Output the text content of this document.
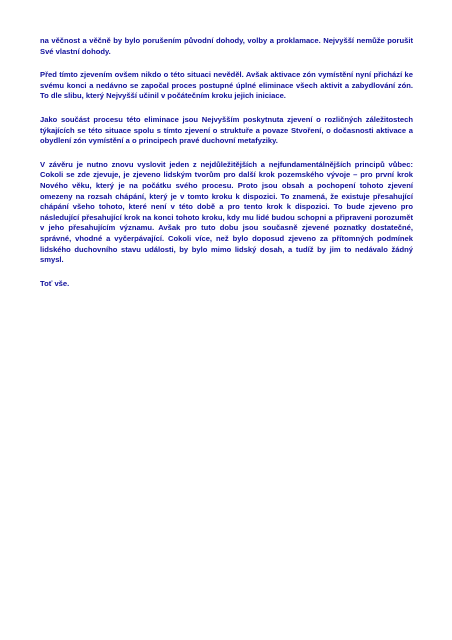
na věčnost a věčně by bylo porušením původní dohody, volby a proklamace. Nejvyšší nemůže porušit Své vlastní dohody.

Před tímto zjevením ovšem nikdo o této situaci nevěděl. Avšak aktivace zón vymístění nyní přichází ke svému konci a nedávno se započal proces postupné úplné eliminace všech aktivit a zabydlování zón. To dle slibu, který Nejvyšší učinil v počátečním kroku jejich iniciace.

Jako součást procesu této eliminace jsou Nejvyšším poskytnuta zjevení o rozličných záležitostech týkajících se této situace spolu s tímto zjevení o struktuře a povaze Stvoření, o dočasnosti aktivace a obydlení zón vymístění a o principech pravé duchovní metafyziky.

V závěru je nutno znovu vyslovit jeden z nejdůležitějších a nejfundamentálnějších principů vůbec: Cokoli se zde zjevuje, je zjeveno lidským tvorům pro další krok pozemského vývoje – pro první krok Nového věku, který je na počátku svého procesu. Proto jsou obsah a pochopení tohoto zjevení omezeny na rozsah chápání, který je v tomto kroku k dispozici. To znamená, že existuje přesahující chápání všeho tohoto, které není v této době a pro tento krok k dispozici. To bude zjeveno pro následující přesahující krok na konci tohoto kroku, kdy mu lidé budou schopni a připraveni porozumět v jeho přesahujícím významu. Avšak pro tuto dobu jsou současně zjevené poznatky dostatečné, správné, vhodné a vyčerpávající. Cokoli více, než bylo doposud zjeveno za přítomných podmínek lidského duchovního stavu události, by bylo mimo lidský dosah, a tudíž by jim to nedávalo žádný smysl.

Toť vše.
